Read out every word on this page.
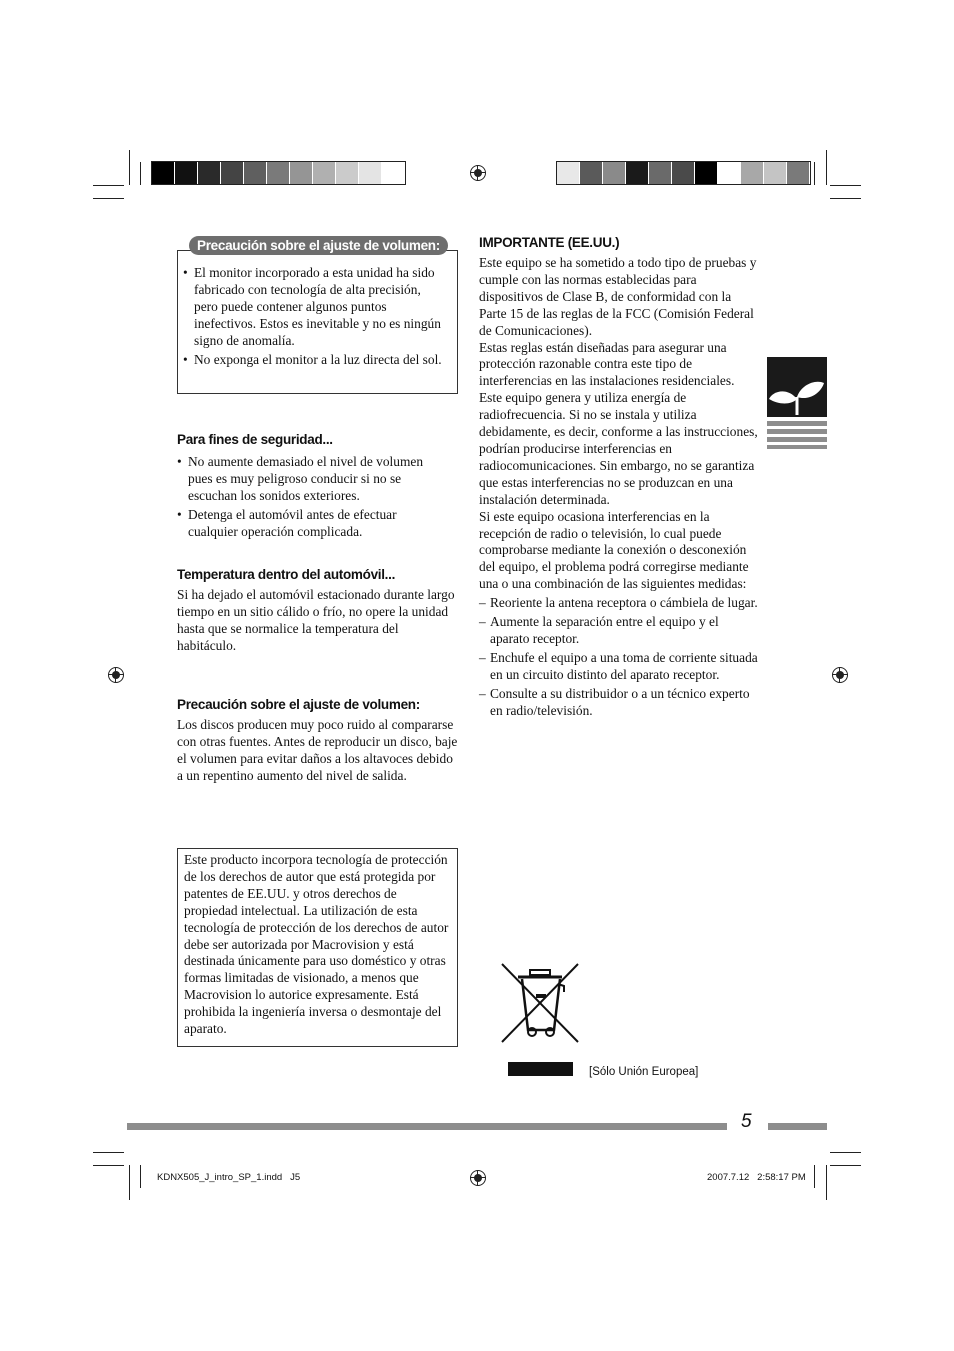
Precaución sobre el ajuste de volumen:
• El monitor incorporado a esta unidad ha sido fabricado con tecnología de alta precisión, pero puede contener algunos puntos inefectivos. Estos es inevitable y no es ningún signo de anomalía.
• No exponga el monitor a la luz directa del sol.
Para fines de seguridad...
• No aumente demasiado el nivel de volumen pues es muy peligroso conducir si no se escuchan los sonidos exteriores.
• Detenga el automóvil antes de efectuar cualquier operación complicada.
Temperatura dentro del automóvil...
Si ha dejado el automóvil estacionado durante largo tiempo en un sitio cálido o frío, no opere la unidad hasta que se normalice la temperatura del habitáculo.
Precaución sobre el ajuste de volumen:
Los discos producen muy poco ruido al compararse con otras fuentes. Antes de reproducir un disco, baje el volumen para evitar daños a los altavoces debido a un repentino aumento del nivel de salida.
Este producto incorpora tecnología de protección de los derechos de autor que está protegida por patentes de EE.UU. y otros derechos de propiedad intelectual. La utilización de esta tecnología de protección de los derechos de autor debe ser autorizada por Macrovision y está destinada únicamente para uso doméstico y otras formas limitadas de visionado, a menos que Macrovision lo autorice expresamente. Está prohibida la ingeniería inversa o desmontaje del aparato.
IMPORTANTE (EE.UU.)
Este equipo se ha sometido a todo tipo de pruebas y cumple con las normas establecidas para dispositivos de Clase B, de conformidad con la Parte 15 de las reglas de la FCC (Comisión Federal de Comunicaciones).
Estas reglas están diseñadas para asegurar una protección razonable contra este tipo de interferencias en las instalaciones residenciales. Este equipo genera y utiliza energía de radiofrecuencia. Si no se instala y utiliza debidamente, es decir, conforme a las instrucciones, podrían producirse interferencias en radiocomunicaciones. Sin embargo, no se garantiza que estas interferencias no se produzcan en una instalación determinada.
Si este equipo ocasiona interferencias en la recepción de radio o televisión, lo cual puede comprobarse mediante la conexión o desconexión del equipo, el problema podrá corregirse mediante una o una combinación de las siguientes medidas:
– Reoriente la antena receptora o cámbiela de lugar.
– Aumente la separación entre el equipo y el aparato receptor.
– Enchufe el equipo a una toma de corriente situada en un circuito distinto del aparato receptor.
– Consulte a su distribuidor o a un técnico experto en radio/televisión.
[Sólo Unión Europea]
5
KDNX505_J_intro_SP_1.indd   J5	2007.7.12   2:58:17 PM
